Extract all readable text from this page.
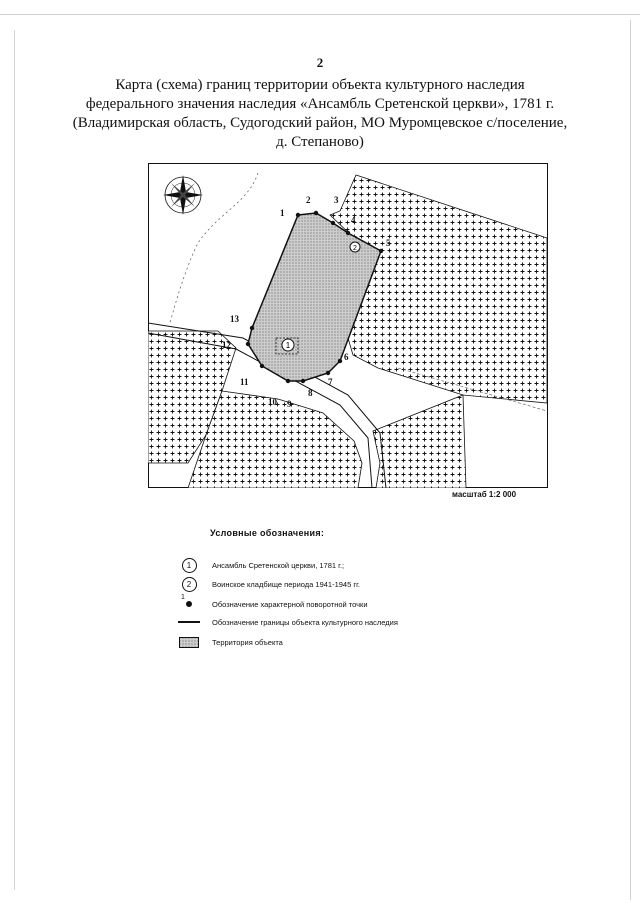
2
Карта (схема) границ территории объекта культурного наследия
федерального значения наследия «Ансамбль Сретенской церкви», 1781 г.
(Владимирская область, Судогодский район, МО Муромцевское с/поселение,
д. Степаново)
1
2
1
2	3
4
5
6
7
8
9
10
11
12
13
масштаб 1:2 000
Условные обозначения:
1	Ансамбль Сретенской церкви, 1781 г.;
2	Воинское кладбище периода 1941-1945 гг.
1
Обозначение характерной поворотной точки
Обозначение границы объекта культурного наследия
Территория объекта
